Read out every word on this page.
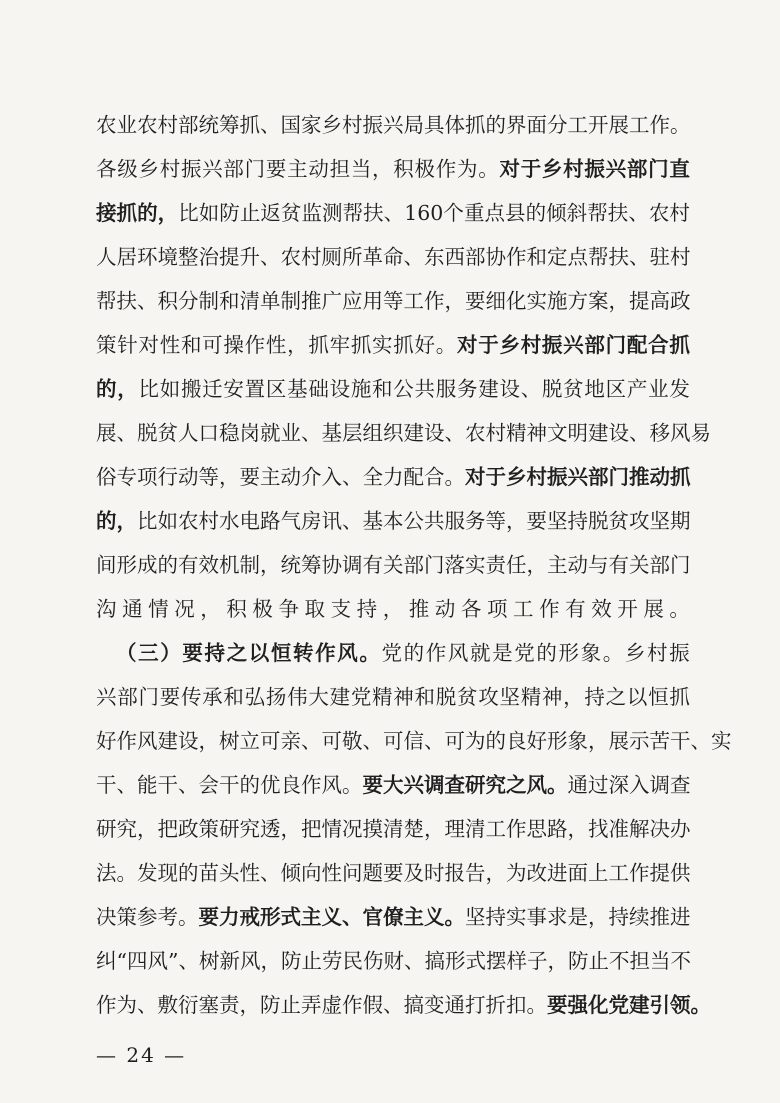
农 业 农 村 部 统 筹 抓 、 国 家 乡 村 振 兴 局 具 体 抓 的 界 面 分 工 开 展 工 作 。
各 级 乡 村 振 兴 部 门 要 主 动 担 当 ， 积 极 作 为 。 对 于 乡 村 振 兴 部 门 直
接 抓 的 ， 比 如 防 止 返 贫 监 测 帮 扶 、 160 个 重 点 县 的 倾 斜 帮 扶 、 农 村
人 居 环 境 整 治 提 升 、 农 村 厕 所 革 命 、 东 西 部 协 作 和 定 点 帮 扶 、 驻 村
帮 扶 、 积 分 制 和 清 单 制 推 广 应 用 等 工 作 ， 要 细 化 实 施 方 案 ， 提 高 政
策 针 对 性 和 可 操 作 性 ， 抓 牢 抓 实 抓 好 。 对 于 乡 村 振 兴 部 门 配 合 抓
的 ， 比 如 搬 迁 安 置 区 基 础 设 施 和 公 共 服 务 建 设 、 脱 贫 地 区 产 业 发
展 、 脱 贫 人 口 稳 岗 就 业 、 基 层 组 织 建 设 、 农 村 精 神 文 明 建 设 、 移 风 易
俗 专 项 行 动 等 ， 要 主 动 介 入 、 全 力 配 合 。 对 于 乡 村 振 兴 部 门 推 动 抓
的 ， 比 如 农 村 水 电 路 气 房 讯 、 基 本 公 共 服 务 等 ， 要 坚 持 脱 贫 攻 坚 期
间 形 成 的 有 效 机 制 ， 统 筹 协 调 有 关 部 门 落 实 责 任 ， 主 动 与 有 关 部 门
沟 通 情 况 ， 积 极 争 取 支 持 ， 推 动 各 项 工 作 有 效 开 展 。
（ 三 ） 要 持 之 以 恒 转 作 风 。 党 的 作 风 就 是 党 的 形 象 。 乡 村 振
兴 部 门 要 传 承 和 弘 扬 伟 大 建 党 精 神 和 脱 贫 攻 坚 精 神 ， 持 之 以 恒 抓
好 作 风 建 设 ， 树 立 可 亲 、 可 敬 、 可 信 、 可 为 的 良 好 形 象 ， 展 示 苦 干 、 实
干 、 能 干 、 会 干 的 优 良 作 风 。 要 大 兴 调 查 研 究 之 风 。 通 过 深 入 调 查
研 究 ， 把 政 策 研 究 透 ， 把 情 况 摸 清 楚 ， 理 清 工 作 思 路 ， 找 准 解 决 办
法 。 发 现 的 苗 头 性 、 倾 向 性 问 题 要 及 时 报 告 ， 为 改 进 面 上 工 作 提 供
决 策 参 考 。 要 力 戒 形 式 主 义 、 官 僚 主 义 。 坚 持 实 事 求 是 ， 持 续 推 进
纠 “ 四 风 ” 、 树 新 风 ， 防 止 劳 民 伤 财 、 搞 形 式 摆 样 子 ， 防 止 不 担 当 不
作 为 、 敷 衍 塞 责 ， 防 止 弄 虚 作 假 、 搞 变 通 打 折 扣 。 要 强 化 党 建 引 领 。
— 24 —
